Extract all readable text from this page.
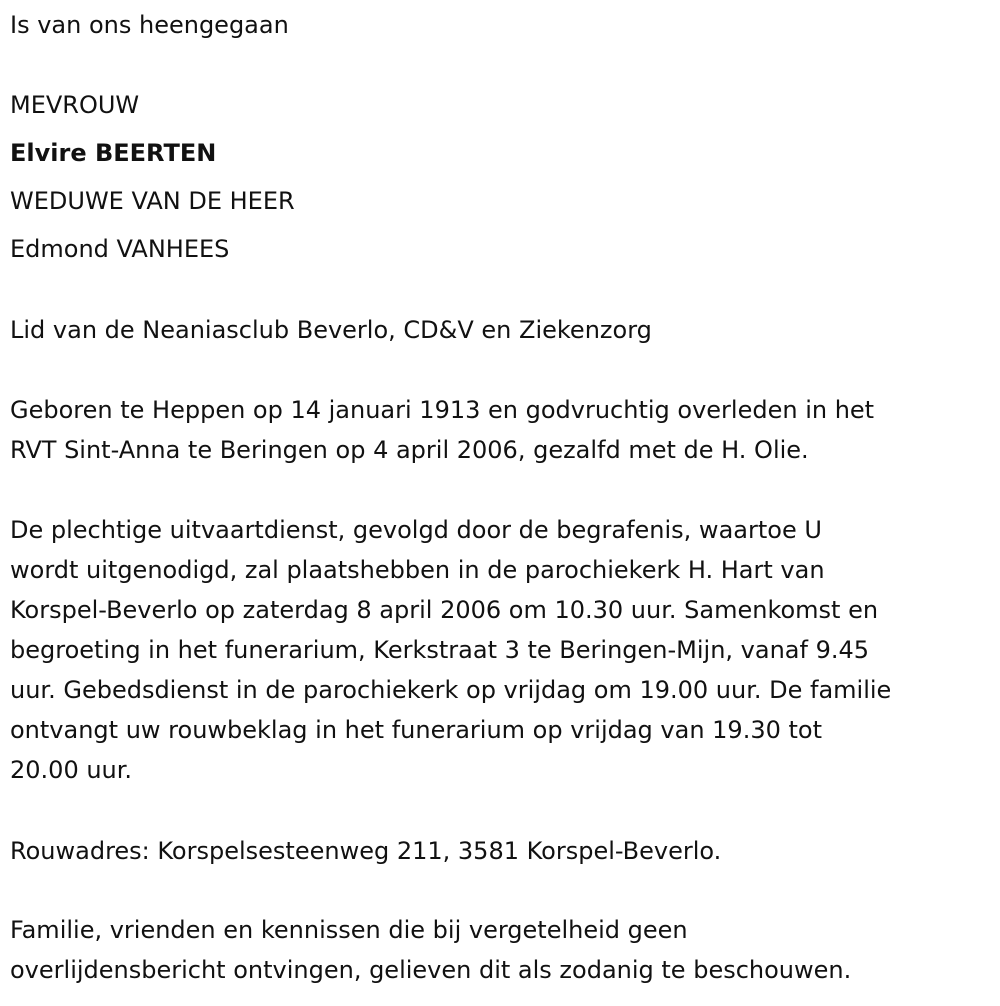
Is van ons heengegaan
MEVROUW
Elvire BEERTEN
WEDUWE VAN DE HEER
Edmond VANHEES
Lid van de Neaniasclub Beverlo, CD&V en Ziekenzorg
Geboren te Heppen op 14 januari 1913 en godvruchtig overleden in het
RVT Sint-Anna te Beringen op 4 april 2006, gezalfd met de H. Olie.
De plechtige uitvaartdienst, gevolgd door de begrafenis, waartoe U
wordt uitgenodigd, zal plaatshebben in de parochiekerk H. Hart van
Korspel-Beverlo op zaterdag 8 april 2006 om 10.30 uur. Samenkomst en
begroeting in het funerarium, Kerkstraat 3 te Beringen-Mijn, vanaf 9.45
uur. Gebedsdienst in de parochiekerk op vrijdag om 19.00 uur. De familie
ontvangt uw rouwbeklag in het funerarium op vrijdag van 19.30 tot
20.00 uur.
Rouwadres: Korspelsesteenweg 211, 3581 Korspel-Beverlo.
Familie, vrienden en kennissen die bij vergetelheid geen
overlijdensbericht ontvingen, gelieven dit als zodanig te beschouwen.
